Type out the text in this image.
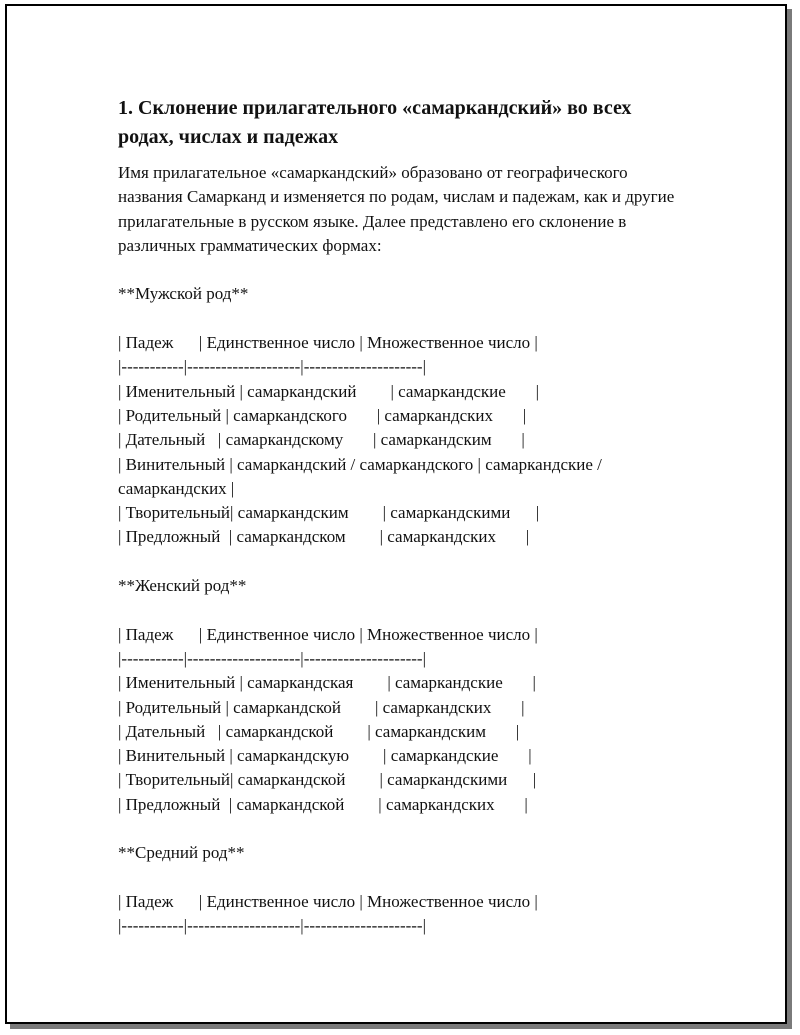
1. Склонение прилагательного «самаркандский» во всех родах, числах и падежах

Имя прилагательное «самаркандский» образовано от географического названия Самарканд и изменяется по родам, числам и падежам, как и другие прилагательные в русском языке. Далее представлено его склонение в различных грамматических формах:

**Мужской род**
| Падеж      | Единственное число | Множественное число |
|-----------|--------------------|---------------------|
| Именительный | самаркандский        | самаркандские       |
| Родительный | самаркандского       | самаркандских       |
| Дательный   | самаркандскому       | самаркандским       |
| Винительный | самаркандский / самаркандского | самаркандские / самаркандских |
| Творительный| самаркандским        | самаркандскими      |
| Предложный  | самаркандском        | самаркандских       |
**Женский род**
| Падеж      | Единственное число | Множественное число |
|-----------|--------------------|---------------------|
| Именительный | самаркандская        | самаркандские       |
| Родительный | самаркандской        | самаркандских       |
| Дательный   | самаркандской        | самаркандским       |
| Винительный | самаркандскую        | самаркандские       |
| Творительный| самаркандской        | самаркандскими      |
| Предложный  | самаркандской        | самаркандских       |
**Средний род**
| Падеж      | Единственное число | Множественное число |
|-----------|--------------------|---------------------|
